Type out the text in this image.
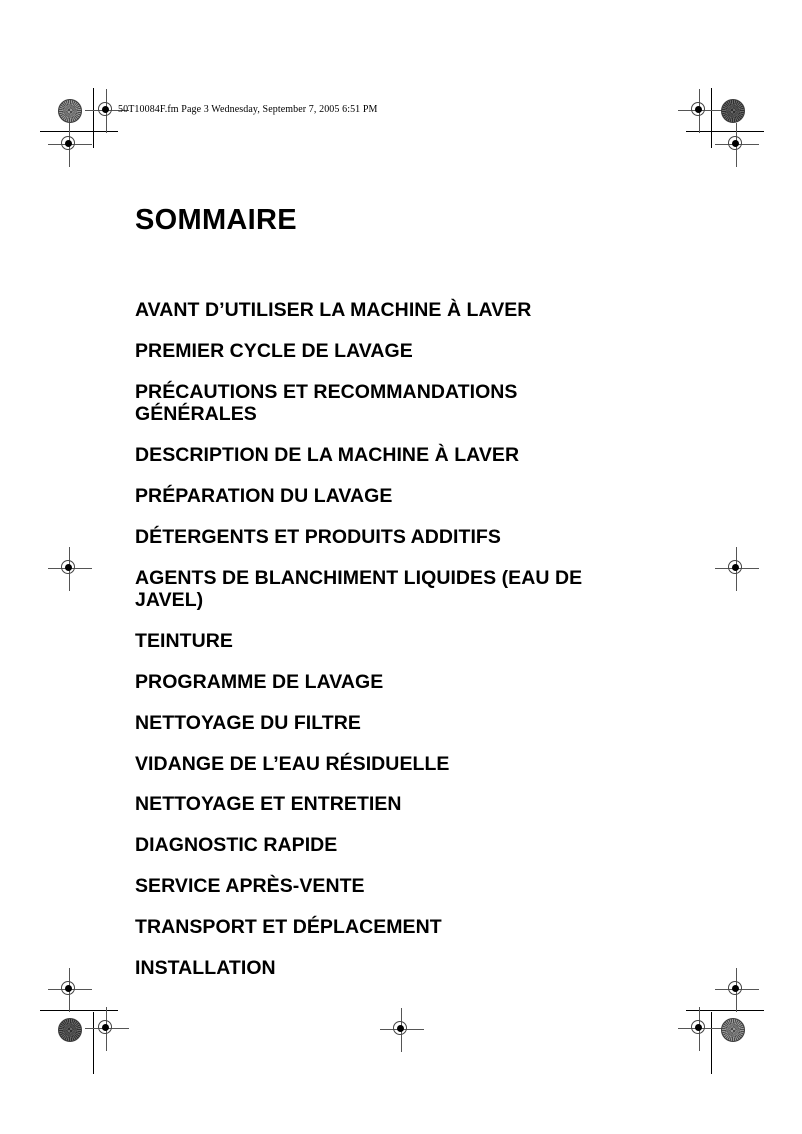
50T10084F.fm Page 3 Wednesday, September 7, 2005 6:51 PM
SOMMAIRE
AVANT D’UTILISER LA MACHINE À LAVER
PREMIER CYCLE DE LAVAGE
PRÉCAUTIONS ET RECOMMANDATIONS GÉNÉRALES
DESCRIPTION DE LA MACHINE À LAVER
PRÉPARATION DU LAVAGE
DÉTERGENTS ET PRODUITS ADDITIFS
AGENTS DE BLANCHIMENT LIQUIDES (EAU DE JAVEL)
TEINTURE
PROGRAMME DE LAVAGE
NETTOYAGE DU FILTRE
VIDANGE DE L’EAU RÉSIDUELLE
NETTOYAGE ET ENTRETIEN
DIAGNOSTIC RAPIDE
SERVICE APRÈS-VENTE
TRANSPORT ET DÉPLACEMENT
INSTALLATION
